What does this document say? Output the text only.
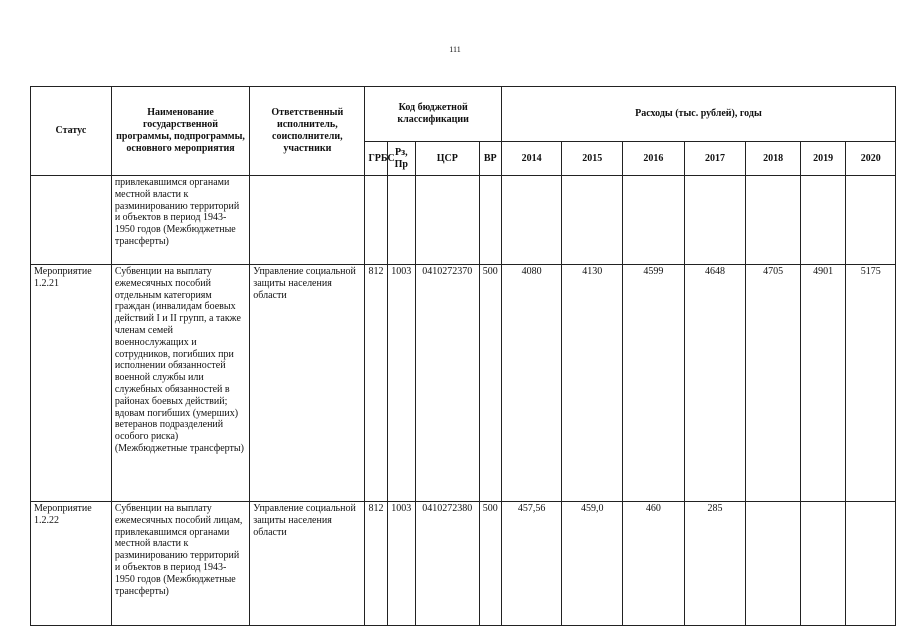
111
Статус	Наименование государственной программы, подпрограммы, основного мероприятия	Ответственный исполнитель, соисполнители, участники	Код бюджетной классификации				Расходы (тыс. рублей), годы						
			ГРБС	Рз, Пр	ЦСР	ВР	2014	2015	2016	2017	2018	2019	2020
	привлекавшимся органами местной власти к разминированию территорий и объектов в период 1943-1950 годов (Межбюджетные трансферты)												
Мероприятие 1.2.21	Субвенции на выплату ежемесячных пособий отдельным категориям граждан (инвалидам боевых действий I и II групп, а также членам семей военнослужащих и сотрудников, погибших при исполнении обязанностей военной службы или служебных обязанностей в районах боевых действий; вдовам погибших (умерших) ветеранов подразделений особого риска) (Межбюджетные трансферты)	Управление социальной защиты населения области	812	1003	0410272370	500	4080	4130	4599	4648	4705	4901	5175
Мероприятие 1.2.22	Субвенции на выплату ежемесячных пособий лицам, привлекавшимся органами местной власти к разминированию территорий и объектов в период 1943-1950 годов (Межбюджетные трансферты)	Управление социальной защиты населения области	812	1003	0410272380	500	457,56	459,0	460	285			
